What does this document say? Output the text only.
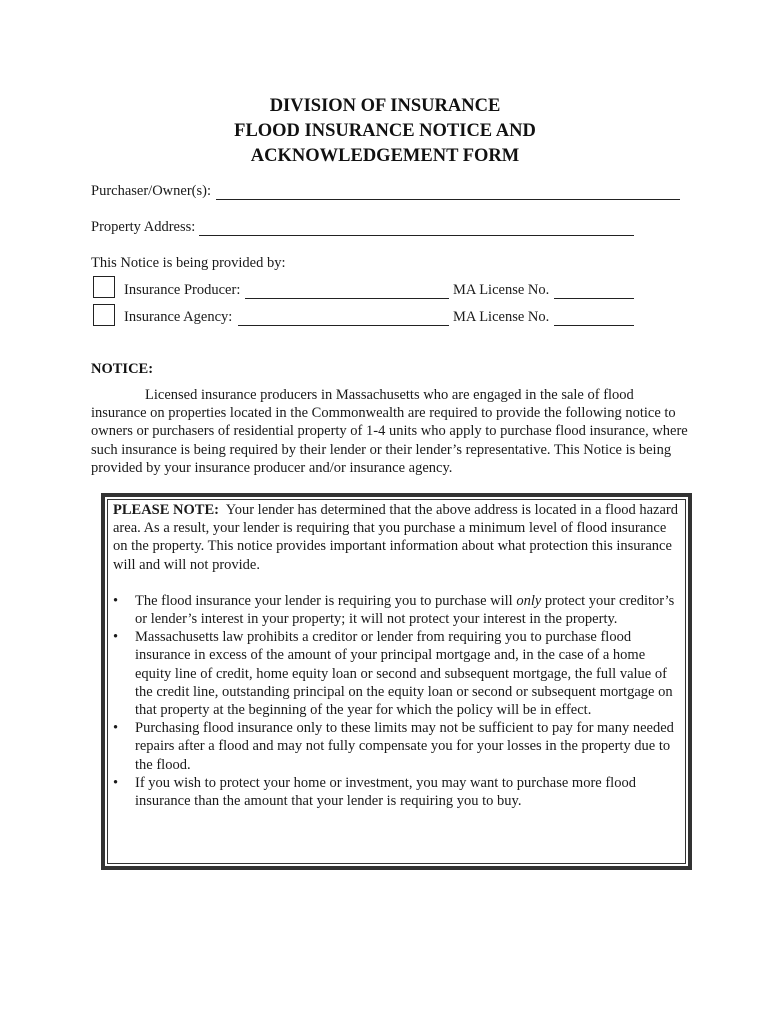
DIVISION OF INSURANCE
FLOOD INSURANCE NOTICE AND
ACKNOWLEDGEMENT FORM
Purchaser/Owner(s):
Property Address:
This Notice is being provided by:
Insurance Producer:	MA License No.
Insurance Agency:	MA License No.
NOTICE:

Licensed insurance producers in Massachusetts who are engaged in the sale of flood insurance on properties located in the Commonwealth are required to provide the following notice to owners or purchasers of residential property of 1-4 units who apply to purchase flood insurance, where such insurance is being required by their lender or their lender’s representative. This Notice is being provided by your insurance producer and/or insurance agency.

PLEASE NOTE: Your lender has determined that the above address is located in a flood hazard area. As a result, your lender is requiring that you purchase a minimum level of flood insurance on the property. This notice provides important information about what protection this insurance will and will not provide.

• The flood insurance your lender is requiring you to purchase will only protect your creditor’s or lender’s interest in your property; it will not protect your interest in the property.
• Massachusetts law prohibits a creditor or lender from requiring you to purchase flood insurance in excess of the amount of your principal mortgage and, in the case of a home equity line of credit, home equity loan or second and subsequent mortgage, the full value of the credit line, outstanding principal on the equity loan or second or subsequent mortgage on that property at the beginning of the year for which the policy will be in effect.
• Purchasing flood insurance only to these limits may not be sufficient to pay for many needed repairs after a flood and may not fully compensate you for your losses in the property due to the flood.
• If you wish to protect your home or investment, you may want to purchase more flood insurance than the amount that your lender is requiring you to buy.
